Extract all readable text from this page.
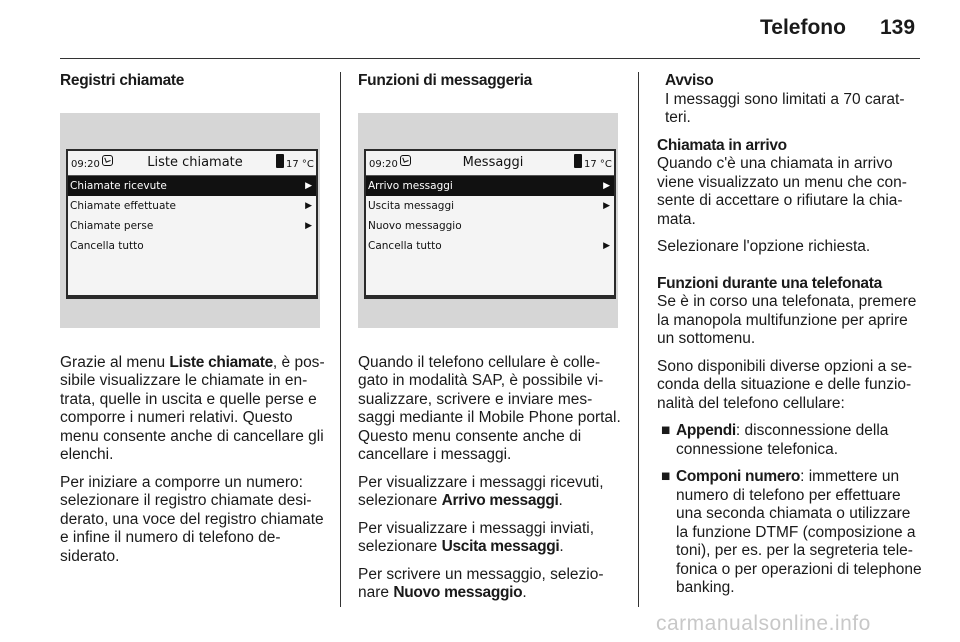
Telefono 139
Registri chiamate
09:20	Liste chiamate	17 °C
Chiamate ricevute	▶
Chiamate effettuate	▶
Chiamate perse	▶
Cancella tutto

Grazie al menu Liste chiamate, è possibile visualizzare le chiamate in entrata, quelle in uscita e quelle perse e comporre i numeri relativi. Questo menu consente anche di cancellare gli elenchi.

Per iniziare a comporre un numero: selezionare il registro chiamate desiderato, una voce del registro chiamate e infine il numero di telefono desiderato.

Funzioni di messaggeria
09:20	Messaggi	17 °C
Arrivo messaggi	▶
Uscita messaggi	▶
Nuovo messaggio
Cancella tutto	▶

Quando il telefono cellulare è collegato in modalità SAP, è possibile visualizzare, scrivere e inviare messaggi mediante il Mobile Phone portal. Questo menu consente anche di cancellare i messaggi.

Per visualizzare i messaggi ricevuti, selezionare Arrivo messaggi.

Per visualizzare i messaggi inviati, selezionare Uscita messaggi.

Per scrivere un messaggio, selezionare Nuovo messaggio.

Avviso
I messaggi sono limitati a 70 caratteri.
Chiamata in arrivo

Quando c'è una chiamata in arrivo viene visualizzato un menu che consente di accettare o rifiutare la chiamata.

Selezionare l'opzione richiesta.

Funzioni durante una telefonata

Se è in corso una telefonata, premere la manopola multifunzione per aprire un sottomenu.

Sono disponibili diverse opzioni a seconda della situazione e delle funzionalità del telefono cellulare:

■ Appendi: disconnessione della connessione telefonica.

■ Componi numero: immettere un numero di telefono per effettuare una seconda chiamata o utilizzare la funzione DTMF (composizione a toni), per es. per la segreteria telefonica o per operazioni di telephone banking.

carmanualsonline.info
